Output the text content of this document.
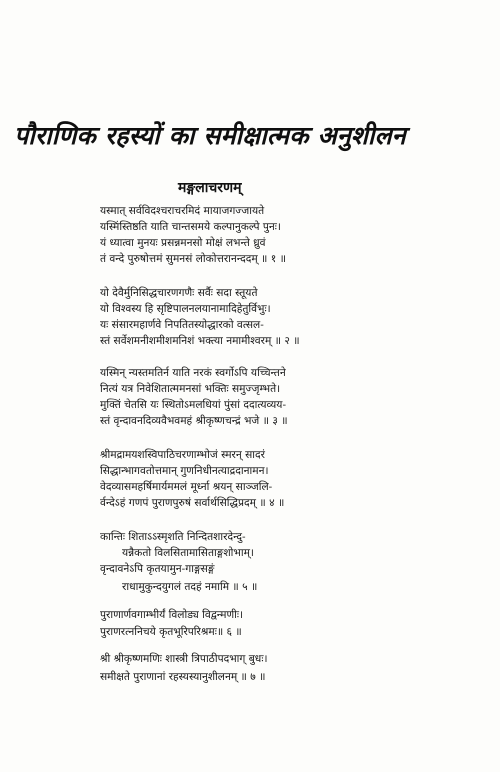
पौराणिक रहस्यों का समीक्षात्मक अनुशीलन
मङ्गलाचरणम्
यस्मात् सर्वविदश्चराचरमिदं मायाजगज्जायते
यस्मिंस्तिष्ठति याति चान्तसमये कल्पानुकल्पे पुनः।
यं ध्यात्वा मुनयः प्रसन्नमनसो मोक्षं लभन्ते ध्रुवं
तं वन्दे पुरुषोत्तमं सुमनसं लोकोत्तरानन्ददम् ॥ १ ॥
यो देवैर्मुनिसिद्धचारणगणैः सर्वैः सदा स्तूयते
यो विश्वस्य हि सृष्टिपालनलयानामादिहेतुर्विभुः।
यः संसारमहार्णवे निपतितस्योद्धारको वत्सल-
स्तं सर्वेशमनीशमीशमनिशं भक्त्या नमामीश्वरम् ॥ २ ॥
यस्मिन् न्यस्तमतिर्न याति नरकं स्वर्गोऽपि यच्चिन्तने
नित्यं यत्र निवेशितात्ममनसां भक्तिः समुज्जृम्भते।
मुक्तिं चेतसि यः स्थितोऽमलधियां पुंसां ददात्यव्यय-
स्तं वृन्दावनदिव्यवैभवमहं श्रीकृष्णचन्द्रं भजे ॥ ३ ॥
श्रीमद्रामयशस्विपाठिचरणाम्भोजं स्मरन् सादरं
सिद्धान्भागवतोत्तमान् गुणनिधीनत्याद्रदानामन।
वेदव्यासमहर्षिमार्यममलं मूर्ध्ना श्रयन् साञ्जलि-
र्वन्देऽहं गणपं पुराणपुरुषं सर्वार्थसिद्धिप्रदम् ॥ ४ ॥
कान्तिः शिताऽऽस्मृशति निन्दितशारदेन्दु-
यन्नैकतो विलसितामासिताङ्गशोभाम्।
वृन्दावनेऽपि कृतयामुन-गाङ्गसङ्गं
राधामुकुन्दयुगलं तदहं नमामि ॥ ५ ॥
पुराणार्णवगाम्भीर्यं विलोड्य विद्वन्मणीः।
पुराणरत्ननिचये कृतभूरिपरिश्रमः॥ ६ ॥
श्री श्रीकृष्णमणिः शास्त्री त्रिपाठीपदभाग् बुधः।
समीक्षते पुराणानां रहस्यस्यानुशीलनम् ॥ ७ ॥
